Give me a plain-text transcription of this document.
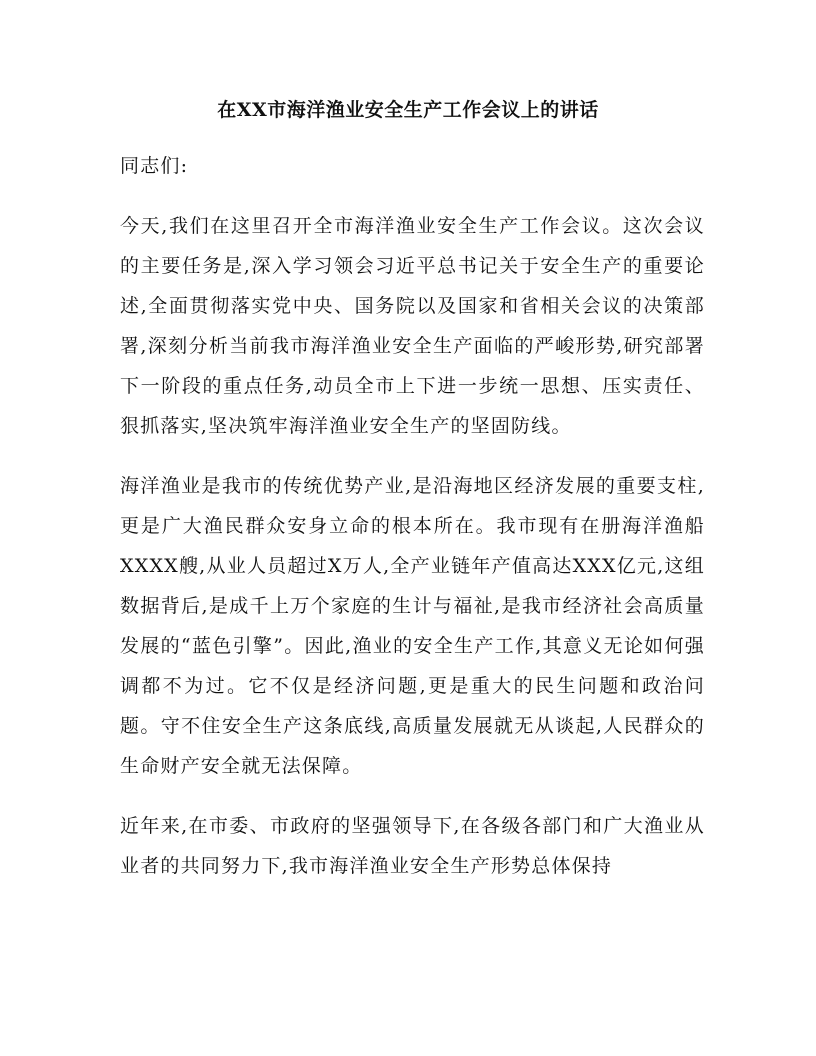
在XX市海洋渔业安全生产工作会议上的讲话

同志们:

今天,我们在这里召开全市海洋渔业安全生产工作会议。这次会议的主要任务是,深入学习领会习近平总书记关于安全生产的重要论述,全面贯彻落实党中央、国务院以及国家和省相关会议的决策部署,深刻分析当前我市海洋渔业安全生产面临的严峻形势,研究部署下一阶段的重点任务,动员全市上下进一步统一思想、压实责任、狠抓落实,坚决筑牢海洋渔业安全生产的坚固防线。

海洋渔业是我市的传统优势产业,是沿海地区经济发展的重要支柱,更是广大渔民群众安身立命的根本所在。我市现有在册海洋渔船XXXX艘,从业人员超过X万人,全产业链年产值高达XXX亿元,这组数据背后,是成千上万个家庭的生计与福祉,是我市经济社会高质量发展的“蓝色引擎”。因此,渔业的安全生产工作,其意义无论如何强调都不为过。它不仅是经济问题,更是重大的民生问题和政治问题。守不住安全生产这条底线,高质量发展就无从谈起,人民群众的生命财产安全就无法保障。

近年来,在市委、市政府的坚强领导下,在各级各部门和广大渔业从业者的共同努力下,我市海洋渔业安全生产形势总体保持
